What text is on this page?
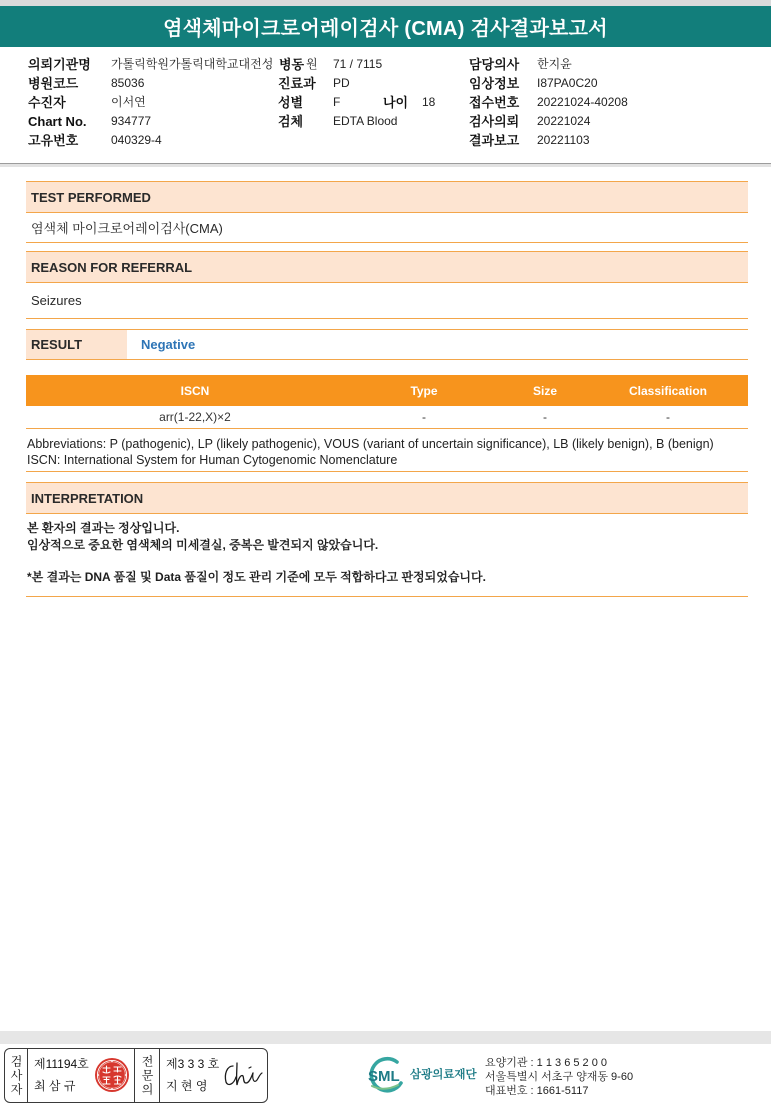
염색체마이크로어레이검사 (CMA) 검사결과보고서
의뢰기관명 가톨릭학원가톨릭대학교대전성 병동 원 71 / 7115	담당의사 한지윤
병원코드	85036	진료과 PD	임상정보 I87PA0C20
수진자	이서연	성별 F	나이 18	접수번호 20221024-40208
Chart No. 934777	검체 EDTA Blood	검사의뢰 20221024
고유번호	040329-4	결과보고 20221103
TEST PERFORMED
염색체 마이크로어레이검사(CMA)
REASON FOR REFERRAL
Seizures
RESULT	Negative
ISCN	Type	Size	Classification
arr(1-22,X)×2	-	-	-
Abbreviations: P (pathogenic), LP (likely pathogenic), VOUS (variant of uncertain significance), LB (likely benign), B (benign)
ISCN: International System for Human Cytogenomic Nomenclature
INTERPRETATION
본 환자의 결과는 정상입니다.
임상적으로 중요한 염색체의 미세결실, 중복은 발견되지 않았습니다.
*본 결과는 DNA 품질 및 Data 품질이 정도 관리 기준에 모두 적합하다고 판정되었습니다.
검사자 제11194호
최 삼 규	전문의 제3 3 3 호
지 현 영
SML 삼광의료재단
요양기관 : 1 1 3 6 5 2 0 0
서울특별시 서초구 양재동 9-60
대표번호 : 1661-5117
